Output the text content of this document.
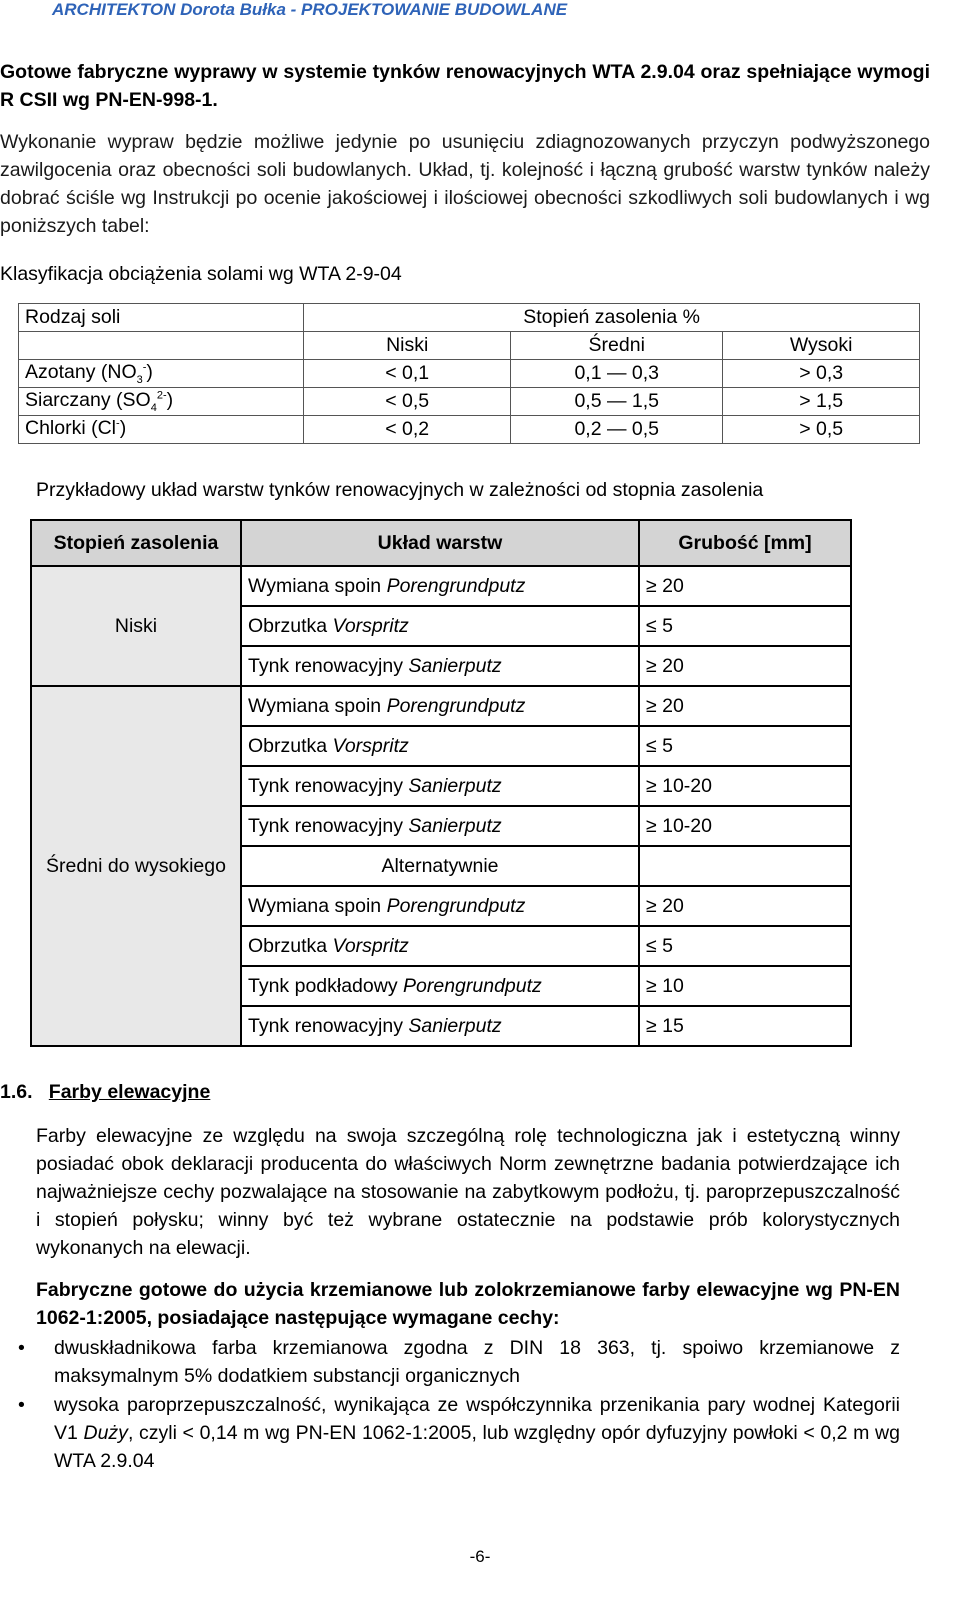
ARCHITEKTON Dorota Bułka - PROJEKTOWANIE BUDOWLANE
Gotowe fabryczne wyprawy w systemie tynków renowacyjnych WTA 2.9.04 oraz spełniające wymogi R CSII wg PN-EN-998-1.
Wykonanie wypraw będzie możliwe jedynie po usunięciu zdiagnozowanych przyczyn podwyższonego zawilgocenia oraz obecności soli budowlanych. Układ, tj. kolejność i łączną grubość warstw tynków należy dobrać ściśle wg Instrukcji po ocenie jakościowej i ilościowej obecności szkodliwych soli budowlanych i wg poniższych tabel:
Klasyfikacja obciążenia solami wg WTA 2-9-04
Rodzaj soli	Stopień zasolenia %		
	Niski	Średni	Wysoki
Azotany $(NO_3^-)$	< 0,1	0,1 — 0,3	> 0,3
Siarczany $(SO_4^{2-})$	< 0,5	0,5 — 1,5	> 1,5
Chlorki (Cl-)	< 0,2	0,2 — 0,5	> 0,5
Przykładowy układ warstw tynków renowacyjnych w zależności od stopnia zasolenia
Stopień zasolenia	Układ warstw	Grubość [mm]
Niski	Wymiana spoin Porengrundputz	≥ 20
	Obrzutka Vorspritz	≤ 5
	Tynk renowacyjny Sanierputz	≥ 20
Średni do wysokiego	Wymiana spoin Porengrundputz	≥ 20
	Obrzutka Vorspritz	≤ 5
	Tynk renowacyjny Sanierputz	≥ 10-20
	Tynk renowacyjny Sanierputz	≥ 10-20
	Alternatywnie	
	Wymiana spoin Porengrundputz	≥ 20
	Obrzutka Vorspritz	≤ 5
	Tynk podkładowy Porengrundputz	≥ 10
	Tynk renowacyjny Sanierputz	≥ 15
1.6. Farby elewacyjne
Farby elewacyjne ze względu na swoja szczególną rolę technologiczna jak i estetyczną winny posiadać obok deklaracji producenta do właściwych Norm zewnętrzne badania potwierdzające ich najważniejsze cechy pozwalające na stosowanie na zabytkowym podłożu, tj. paroprzepuszczalność i stopień połysku; winny być też wybrane ostatecznie na podstawie prób kolorystycznych wykonanych na elewacji.
Fabryczne gotowe do użycia krzemianowe lub zolokrzemianowe farby elewacyjne wg PN-EN 1062-1:2005, posiadające następujące wymagane cechy:
• dwuskładnikowa farba krzemianowa zgodna z DIN 18 363, tj. spoiwo krzemianowe z maksymalnym 5% dodatkiem substancji organicznych
• wysoka paroprzepuszczalność, wynikająca ze współczynnika przenikania pary wodnej Kategorii V1 Duży, czyli < 0,14 m wg PN-EN 1062-1:2005, lub względny opór dyfuzyjny powłoki < 0,2 m wg WTA 2.9.04
-6-
